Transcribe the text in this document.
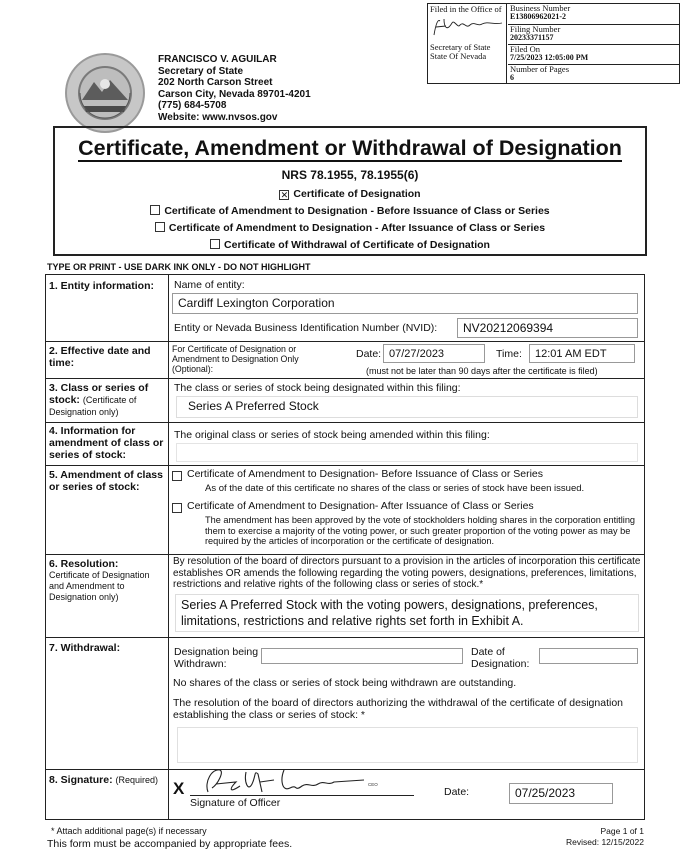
Filed in the Office of
Secretary of State
State Of Nevada
Business Number
E13806962021-2
Filing Number
20233371157
Filed On
7/25/2023 12:05:00 PM
Number of Pages
6
FRANCISCO V. AGUILAR
Secretary of State
202 North Carson Street
Carson City, Nevada 89701-4201
(775) 684-5708
Website: www.nvsos.gov
Certificate, Amendment or Withdrawal of Designation
NRS 78.1955, 78.1955(6)
✕ Certificate of Designation
Certificate of Amendment to Designation - Before Issuance of Class or Series
Certificate of Amendment to Designation - After Issuance of Class or Series
Certificate of Withdrawal of Certificate of Designation
TYPE OR PRINT - USE DARK INK ONLY - DO NOT HIGHLIGHT
1. Entity information: Name of entity:
Cardiff Lexington Corporation
Entity or Nevada Business Identification Number (NVID):	NV20212069394
2. Effective date and time:
For Certificate of Designation or Amendment to Designation Only (Optional):
Date: 07/27/2023	Time:	12:01 AM EDT
(must not be later than 90 days after the certificate is filed)
3. Class or series of stock: (Certificate of Designation only)
The class or series of stock being designated within this filing:
Series A Preferred Stock
4. Information for amendment of class or series of stock:
The original class or series of stock being amended within this filing:
5. Amendment of class or series of stock:
Certificate of Amendment to Designation- Before Issuance of Class or Series
As of the date of this certificate no shares of the class or series of stock have been issued.
Certificate of Amendment to Designation- After Issuance of Class or Series
The amendment has been approved by the vote of stockholders holding shares in the corporation entitling them to exercise a majority of the voting power, or such greater proportion of the voting power as may be required by the articles of incorporation or the certificate of designation.
6. Resolution:
Certificate of Designation and Amendment to Designation only)
By resolution of the board of directors pursuant to a provision in the articles of incorporation this certificate establishes OR amends the following regarding the voting powers, designations, preferences, limitations, restrictions and relative rights of the following class or series of stock.*
Series A Preferred Stock with the voting powers, designations, preferences, limitations, restrictions and relative rights set forth in Exhibit A.
7. Withdrawal:	Designation being Withdrawn:
Date of Designation:
No shares of the class or series of stock being withdrawn are outstanding.
The resolution of the board of directors authorizing the withdrawal of the certificate of designation establishing the class or series of stock: *
8. Signature: (Required) X	CEO
Signature of Officer
Date:	07/25/2023
* Attach additional page(s) if necessary
This form must be accompanied by appropriate fees.
Page 1 of 1
Revised: 12/15/2022
